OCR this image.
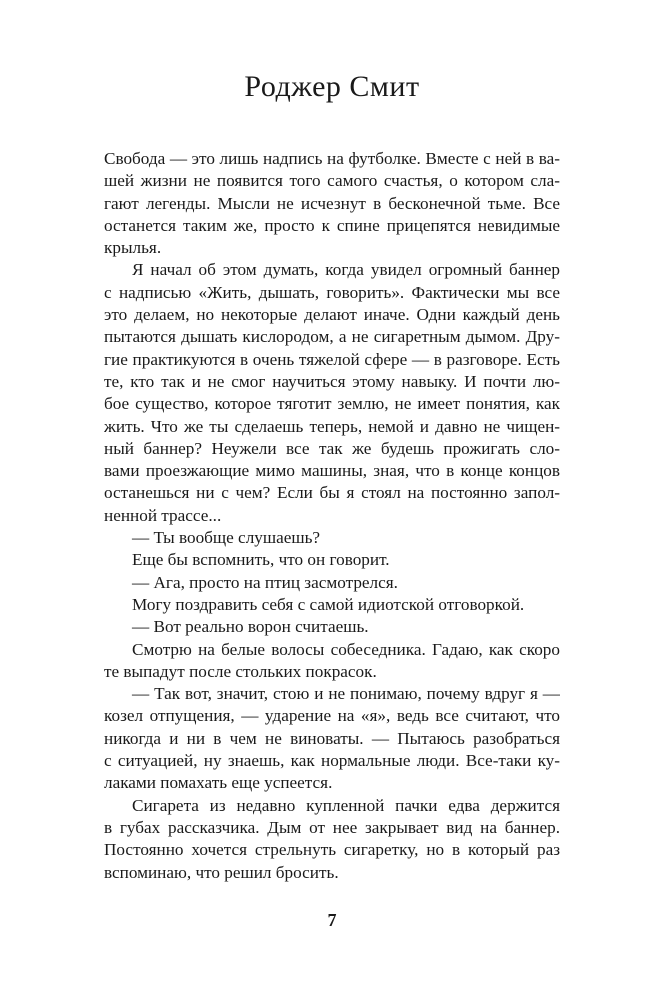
Роджер Смит
Свобода — это лишь надпись на футболке. Вместе с ней в ва-
шей жизни не появится того самого счастья, о котором сла-
гают легенды. Мысли не исчезнут в бесконечной тьме. Все
останется таким же, просто к спине прицепятся невидимые
крылья.
Я начал об этом думать, когда увидел огромный баннер
с надписью «Жить, дышать, говорить». Фактически мы все
это делаем, но некоторые делают иначе. Одни каждый день
пытаются дышать кислородом, а не сигаретным дымом. Дру-
гие практикуются в очень тяжелой сфере — в разговоре. Есть
те, кто так и не смог научиться этому навыку. И почти лю-
бое существо, которое тяготит землю, не имеет понятия, как
жить. Что же ты сделаешь теперь, немой и давно не чищен-
ный баннер? Неужели все так же будешь прожигать сло-
вами проезжающие мимо машины, зная, что в конце концов
останешься ни с чем? Если бы я стоял на постоянно запол-
ненной трассе...
— Ты вообще слушаешь?
Еще бы вспомнить, что он говорит.
— Ага, просто на птиц засмотрелся.
Могу поздравить себя с самой идиотской отговоркой.
— Вот реально ворон считаешь.
Смотрю на белые волосы собеседника. Гадаю, как скоро
те выпадут после стольких покрасок.
— Так вот, значит, стою и не понимаю, почему вдруг я —
козел отпущения, — ударение на «я», ведь все считают, что
никогда и ни в чем не виноваты. — Пытаюсь разобраться
с ситуацией, ну знаешь, как нормальные люди. Все-таки ку-
лаками помахать еще успеется.
Сигарета из недавно купленной пачки едва держится
в губах рассказчика. Дым от нее закрывает вид на баннер.
Постоянно хочется стрельнуть сигаретку, но в который раз
вспоминаю, что решил бросить.
7
